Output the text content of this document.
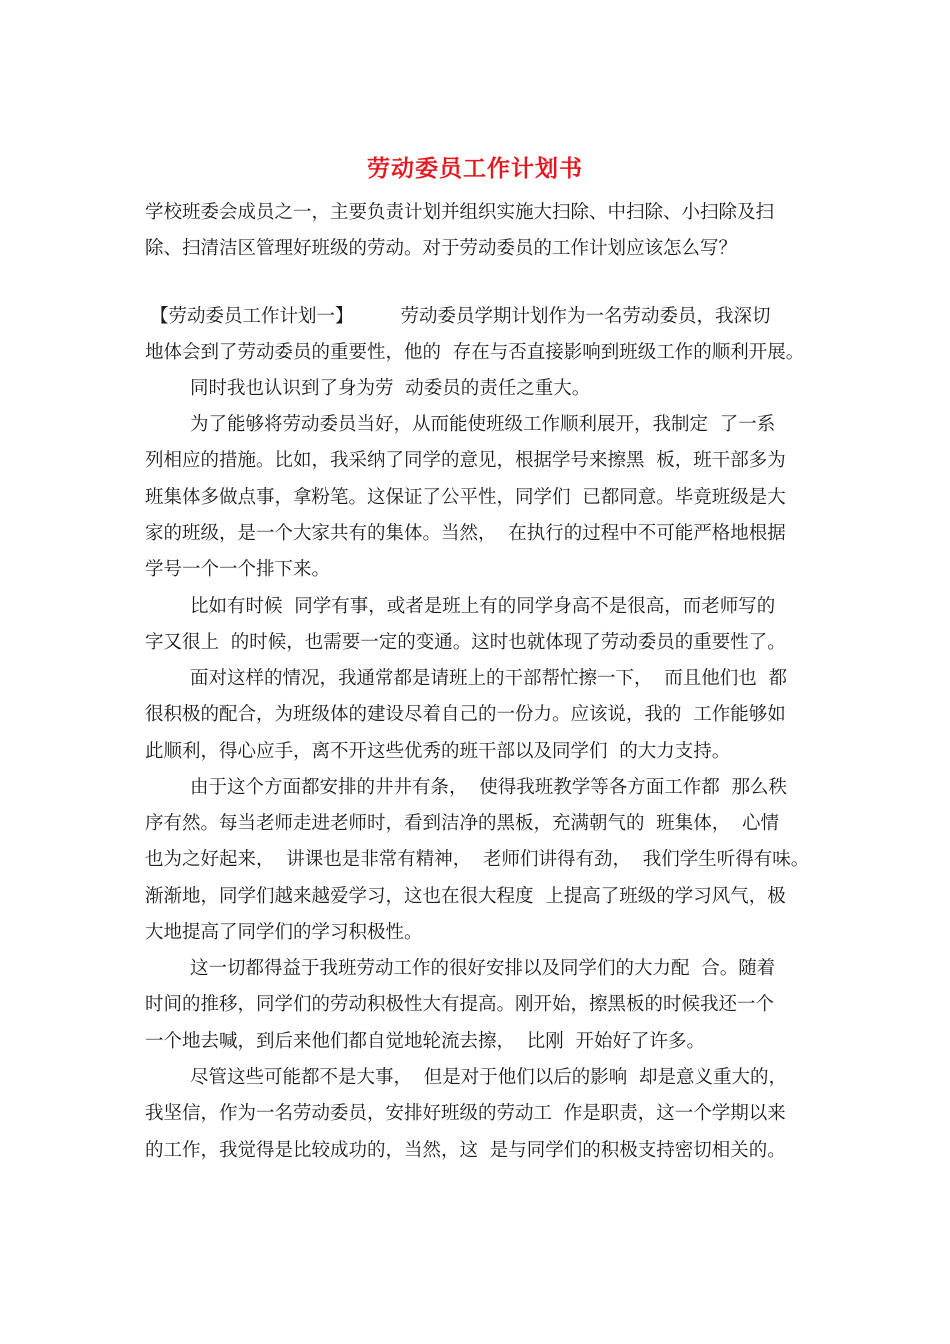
劳动委员工作计划书

学校班委会成员之一，主要负责计划并组织实施大扫除、中扫除、小扫除及扫

除、扫清洁区管理好班级的劳动。对于劳动委员的工作计划应该怎么写？

【劳动委员工作计划一】        劳动委员学期计划作为一名劳动委员，我深切

地体会到了劳动委员的重要性，他的  存在与否直接影响到班级工作的顺利开展。

同时我也认识到了身为劳  动委员的责任之重大。

为了能够将劳动委员当好，从而能使班级工作顺利展开，我制定  了一系

列相应的措施。比如，我采纳了同学的意见，根据学号来擦黑  板，班干部多为

班集体多做点事，拿粉笔。这保证了公平性，同学们  已都同意。毕竟班级是大

家的班级，是一个大家共有的集体。当然，  在执行的过程中不可能严格地根据

学号一个一个排下来。

比如有时候  同学有事，或者是班上有的同学身高不是很高，而老师写的

字又很上  的时候，也需要一定的变通。这时也就体现了劳动委员的重要性了。

面对这样的情况，我通常都是请班上的干部帮忙擦一下，  而且他们也  都

很积极的配合，为班级体的建设尽着自己的一份力。应该说，我的  工作能够如

此顺利，得心应手，离不开这些优秀的班干部以及同学们  的大力支持。

由于这个方面都安排的井井有条，  使得我班教学等各方面工作都  那么秩

序有然。每当老师走进老师时，看到洁净的黑板，充满朝气的  班集体，  心情

也为之好起来，  讲课也是非常有精神，  老师们讲得有劲，  我们学生听得有味。

渐渐地，同学们越来越爱学习，这也在很大程度  上提高了班级的学习风气，极

大地提高了同学们的学习积极性。

这一切都得益于我班劳动工作的很好安排以及同学们的大力配  合。随着

时间的推移，同学们的劳动积极性大有提高。刚开始，擦黑板的时候我还一个

一个地去喊，到后来他们都自觉地轮流去擦，  比刚  开始好了许多。

尽管这些可能都不是大事，  但是对于他们以后的影响  却是意义重大的，

我坚信，作为一名劳动委员，安排好班级的劳动工  作是职责，这一个学期以来

的工作，我觉得是比较成功的，当然，这  是与同学们的积极支持密切相关的。
